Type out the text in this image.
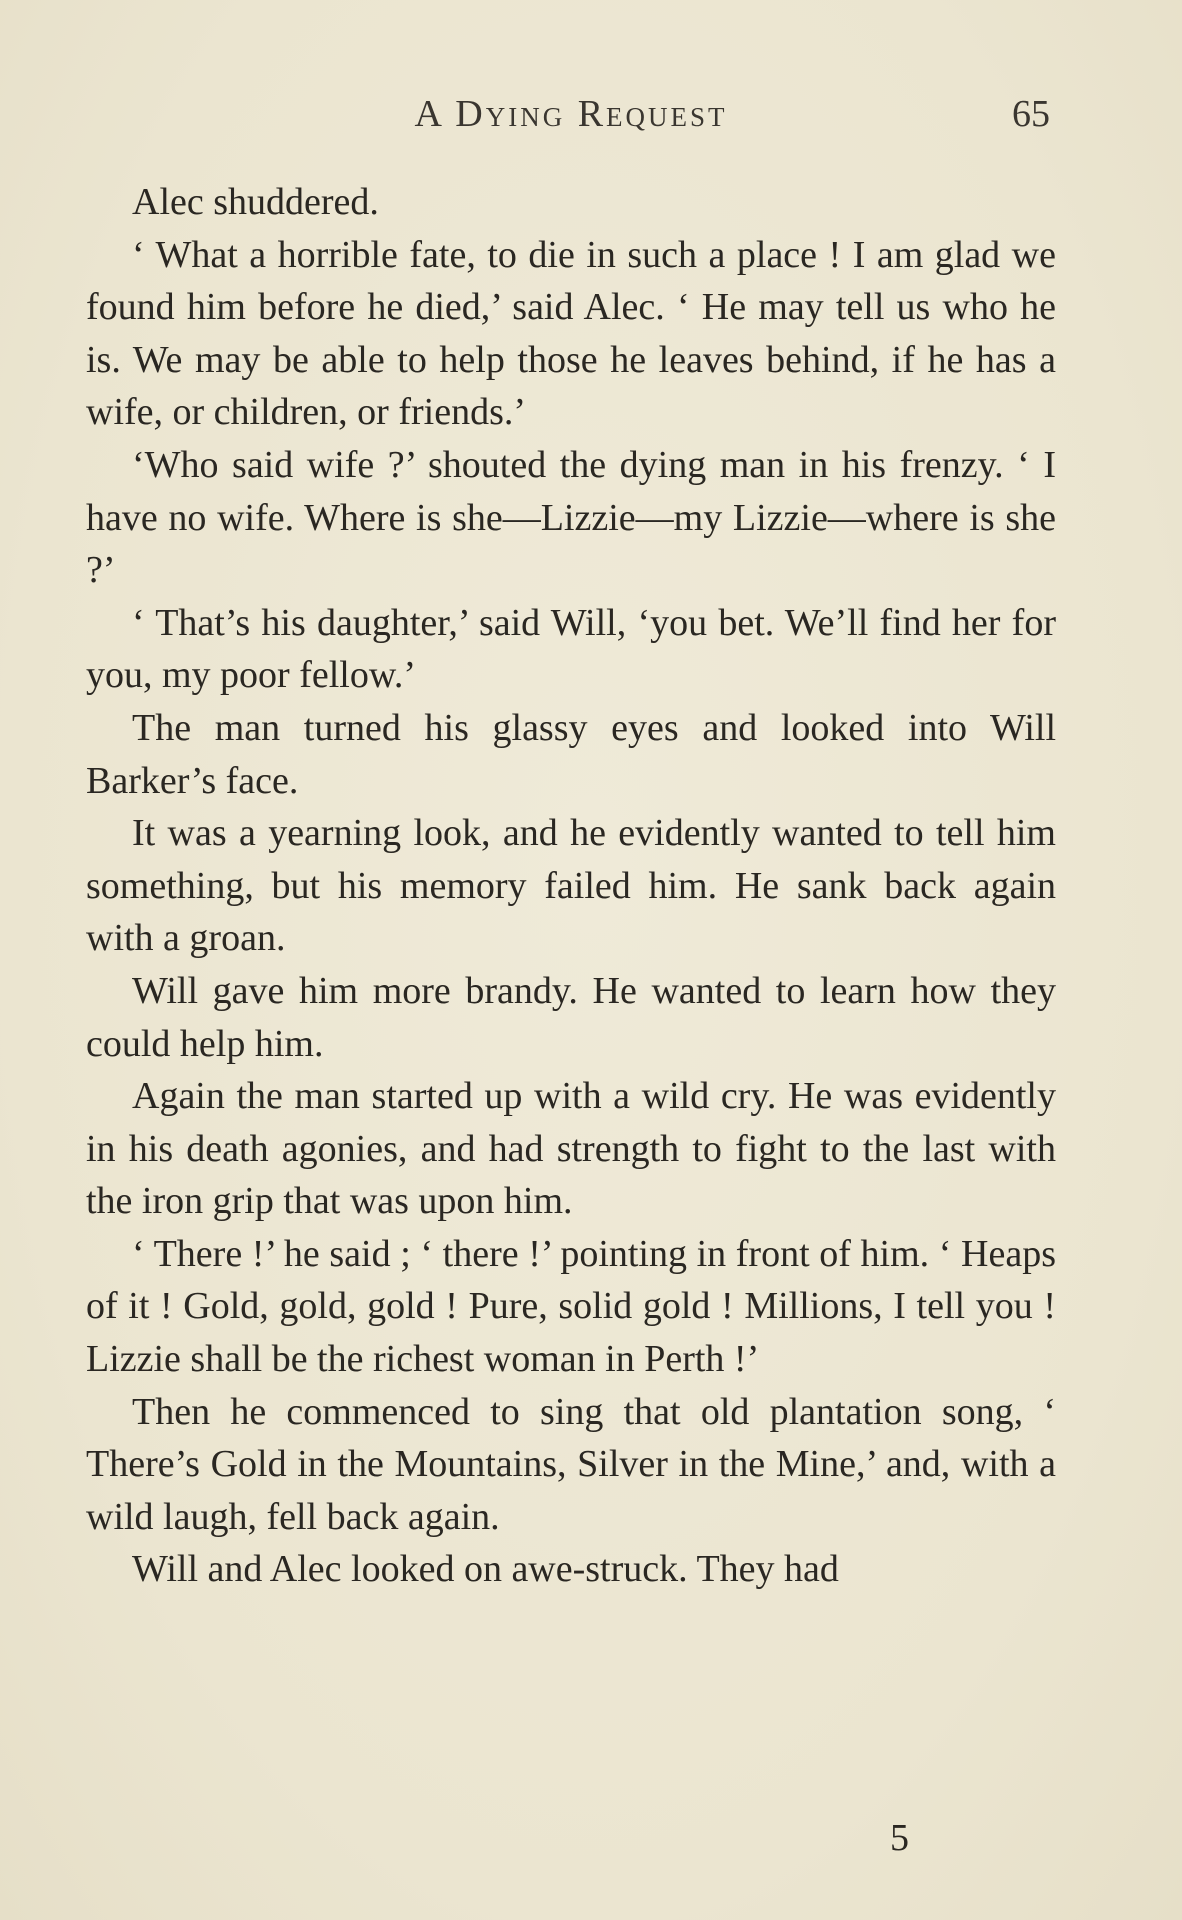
A Dying Request	65

Alec shuddered.

‘ What a horrible fate, to die in such a place ! I am glad we found him before he died,’ said Alec. ‘ He may tell us who he is. We may be able to help those he leaves behind, if he has a wife, or children, or friends.’

‘Who said wife ?’ shouted the dying man in his frenzy. ‘ I have no wife. Where is she—Lizzie—my Lizzie—where is she ?’

‘ That’s his daughter,’ said Will, ‘you bet. We’ll find her for you, my poor fellow.’

The man turned his glassy eyes and looked into Will Barker’s face.

It was a yearning look, and he evidently wanted to tell him something, but his memory failed him. He sank back again with a groan.

Will gave him more brandy. He wanted to learn how they could help him.

Again the man started up with a wild cry. He was evidently in his death agonies, and had strength to fight to the last with the iron grip that was upon him.

‘ There !’ he said ; ‘ there !’ pointing in front of him. ‘ Heaps of it ! Gold, gold, gold ! Pure, solid gold ! Millions, I tell you ! Lizzie shall be the richest woman in Perth !’

Then he commenced to sing that old plantation song, ‘ There’s Gold in the Mountains, Silver in the Mine,’ and, with a wild laugh, fell back again.

Will and Alec looked on awe-struck. They had

5
